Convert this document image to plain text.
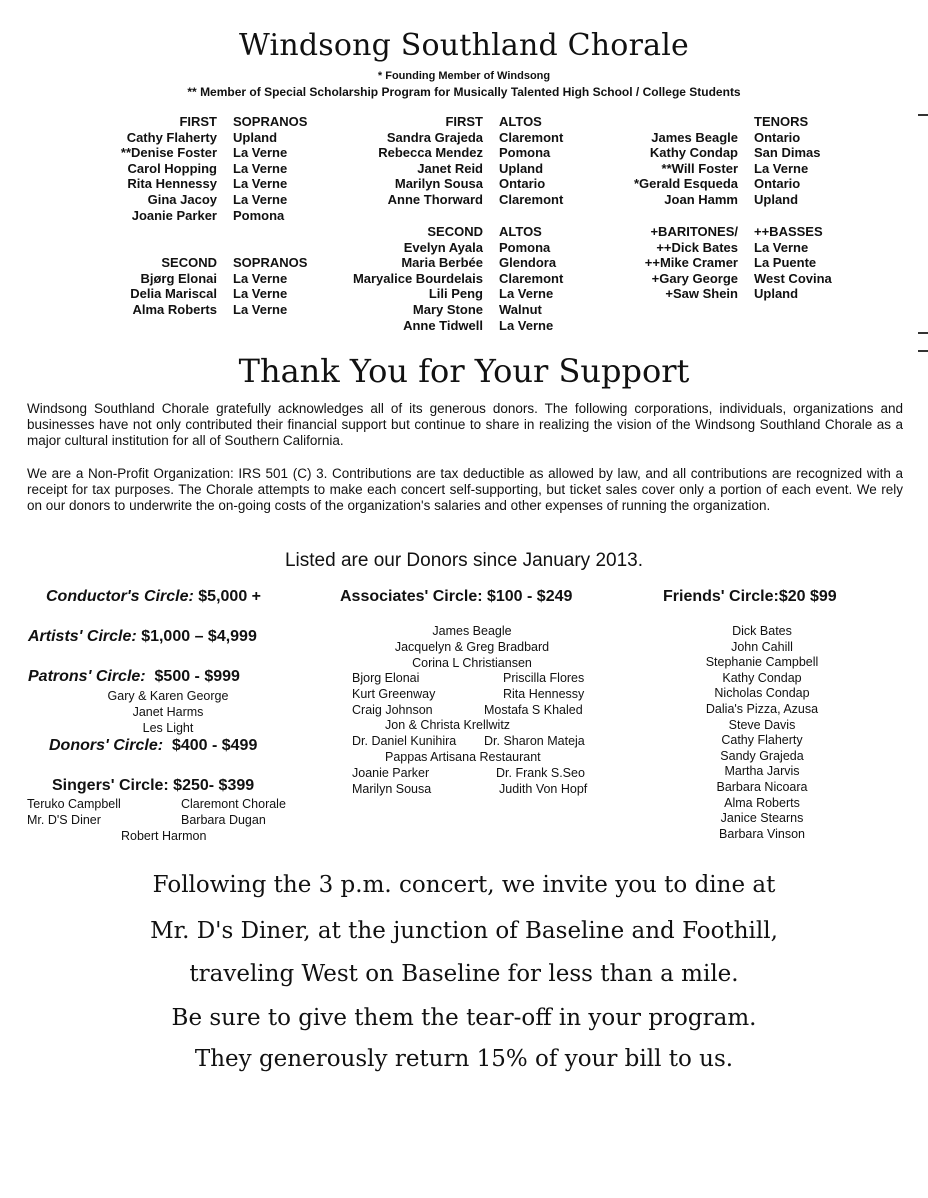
Windsong Southland Chorale
* Founding Member of Windsong
** Member of Special Scholarship Program for Musically Talented High School / College Students
FIRST	SOPRANOS
Cathy Flaherty	Upland
**Denise Foster	La Verne
Carol Hopping	La Verne
Rita Hennessy	La Verne
Gina Jacoy	La Verne
Joanie Parker	Pomona
SECOND	SOPRANOS
Bjørg Elonai	La Verne
Delia Mariscal	La Verne
Alma Roberts	La Verne
FIRST	ALTOS
Sandra Grajeda	Claremont
Rebecca Mendez	Pomona
Janet Reid	Upland
Marilyn Sousa	Ontario
Anne Thorward	Claremont
SECOND	ALTOS
Evelyn Ayala	Pomona
Maria Berbée	Glendora
Maryalice Bourdelais	Claremont
Lili Peng	La Verne
Mary Stone	Walnut
Anne Tidwell	La Verne
TENORS
James Beagle	Ontario
Kathy Condap	San Dimas
**Will Foster	La Verne
*Gerald Esqueda	Ontario
Joan Hamm	Upland
+BARITONES/	++BASSES
++Dick Bates	La Verne
++Mike Cramer	La Puente
+Gary George	West Covina
+Saw Shein	Upland
Thank You for Your Support

Windsong Southland Chorale gratefully acknowledges all of its generous donors. The following corporations, individuals, organizations and businesses have not only contributed their financial support but continue to share in realizing the vision of the Windsong Southland Chorale as a major cultural institution for all of Southern California.

We are a Non-Profit Organization: IRS 501 (C) 3. Contributions are tax deductible as allowed by law, and all contributions are recognized with a receipt for tax purposes. The Chorale attempts to make each concert self-supporting, but ticket sales cover only a portion of each event. We rely on our donors to underwrite the on-going costs of the organization's salaries and other expenses of running the organization.

Listed are our Donors since January 2013.
Conductor's Circle: $5,000 +
Artists' Circle: $1,000 – $4,999
Patrons' Circle: $500 - $999
Gary & Karen George
Janet Harms
Les Light
Donors' Circle: $400 - $499
Singers' Circle: $250- $399
Teruko Campbell	Claremont Chorale
Mr. D'S Diner	Barbara Dugan
Robert Harmon
Associates' Circle: $100 - $249
James Beagle
Jacquelyn & Greg Bradbard
Corina L Christiansen
Bjorg Elonai	Priscilla Flores
Kurt Greenway	Rita Hennessy
Craig Johnson	Mostafa S Khaled
Jon & Christa Krellwitz
Dr. Daniel Kunihira Dr. Sharon Mateja
Pappas Artisana Restaurant
Joanie Parker	Dr. Frank S.Seo
Marilyn Sousa	Judith Von Hopf
Friends' Circle:$20 $99
Dick Bates
John Cahill
Stephanie Campbell
Kathy Condap
Nicholas Condap
Dalia's Pizza, Azusa
Steve Davis
Cathy Flaherty
Sandy Grajeda
Martha Jarvis
Barbara Nicoara
Alma Roberts
Janice Stearns
Barbara Vinson
Following the 3 p.m. concert, we invite you to dine at
Mr. D's Diner, at the junction of Baseline and Foothill,
traveling West on Baseline for less than a mile.
Be sure to give them the tear-off in your program.
They generously return 15% of your bill to us.
